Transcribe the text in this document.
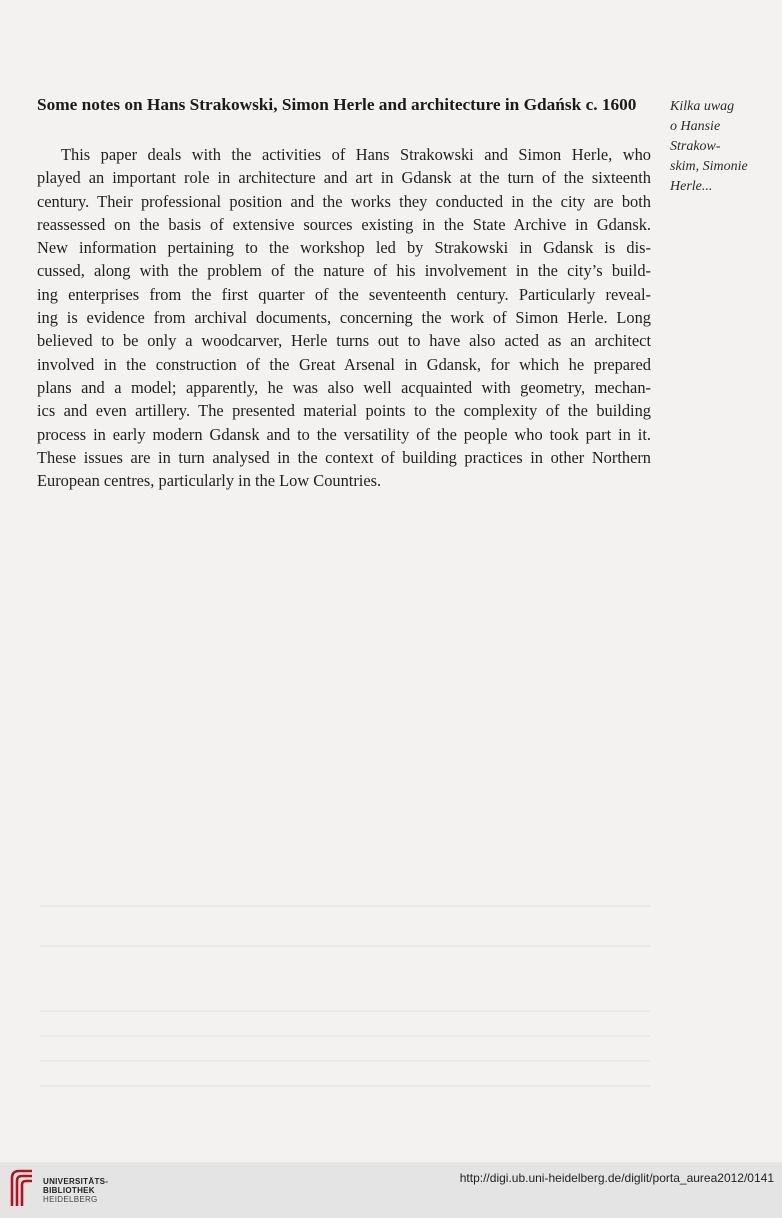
Some notes on Hans Strakowski, Simon Herle and architecture in Gdańsk c. 1600	Kilka uwag
o Hansie
Strakow-
skim, Simonie
Herle...
This paper deals with the activities of Hans Strakowski and Simon Herle, who
played an important role in architecture and art in Gdansk at the turn of the sixteenth
century. Their professional position and the works they conducted in the city are both
reassessed on the basis of extensive sources existing in the State Archive in Gdansk.
New information pertaining to the workshop led by Strakowski in Gdansk is dis-
cussed, along with the problem of the nature of his involvement in the city’s build-
ing enterprises from the first quarter of the seventeenth century. Particularly reveal-
ing is evidence from archival documents, concerning the work of Simon Herle. Long
believed to be only a woodcarver, Herle turns out to have also acted as an architect
involved in the construction of the Great Arsenal in Gdansk, for which he prepared
plans and a model; apparently, he was also well acquainted with geometry, mechan-
ics and even artillery. The presented material points to the complexity of the building
process in early modern Gdansk and to the versatility of the people who took part in it.
These issues are in turn analysed in the context of building practices in other Northern
European centres, particularly in the Low Countries.
UNIVERSITÄTS-
BIBLIOTHEK
HEIDELBERG
http://digi.ub.uni-heidelberg.de/diglit/porta_aurea2012/0141
